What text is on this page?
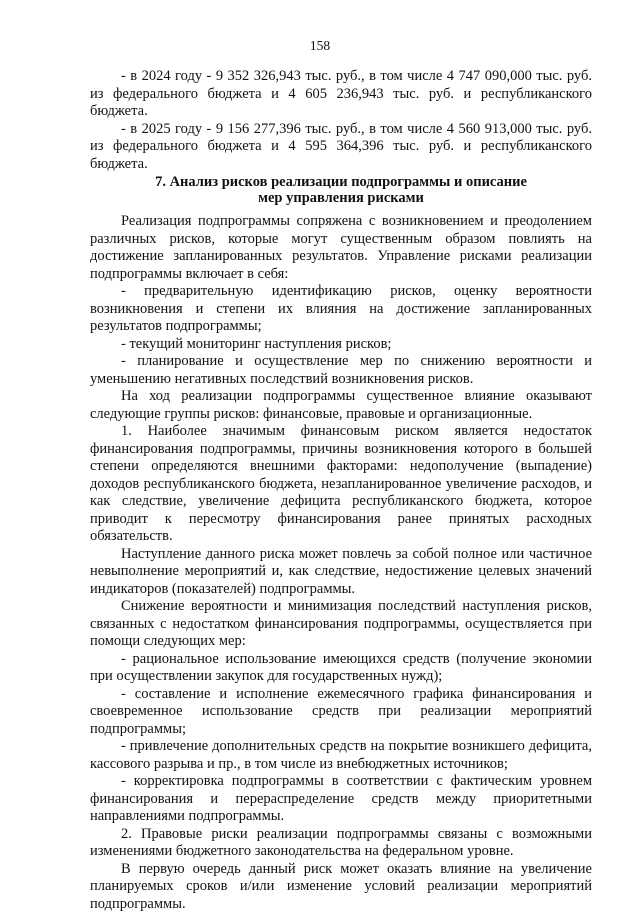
158

- в 2024 году - 9 352 326,943 тыс. руб., в том числе 4 747 090,000 тыс. руб. из федерального бюджета и 4 605 236,943 тыс. руб. и республиканского бюджета.

- в 2025 году - 9 156 277,396 тыс. руб., в том числе 4 560 913,000 тыс. руб. из федерального бюджета и 4 595 364,396 тыс. руб. и республиканского бюджета.

7. Анализ рисков реализации подпрограммы и описание
мер управления рисками

Реализация подпрограммы сопряжена с возникновением и преодолением различных рисков, которые могут существенным образом повлиять на достижение запланированных результатов. Управление рисками реализации подпрограммы включает в себя:

- предварительную идентификацию рисков, оценку вероятности возникновения и степени их влияния на достижение запланированных результатов подпрограммы;

- текущий мониторинг наступления рисков;

- планирование и осуществление мер по снижению вероятности и уменьшению негативных последствий возникновения рисков.

На ход реализации подпрограммы существенное влияние оказывают следующие группы рисков: финансовые, правовые и организационные.

1. Наиболее значимым финансовым риском является недостаток финансирования подпрограммы, причины возникновения которого в большей степени определяются внешними факторами: недополучение (выпадение) доходов республиканского бюджета, незапланированное увеличение расходов, и как следствие, увеличение дефицита республиканского бюджета, которое приводит к пересмотру финансирования ранее принятых расходных обязательств.

Наступление данного риска может повлечь за собой полное или частичное невыполнение мероприятий и, как следствие, недостижение целевых значений индикаторов (показателей) подпрограммы.

Снижение вероятности и минимизация последствий наступления рисков, связанных с недостатком финансирования подпрограммы, осуществляется при помощи следующих мер:

- рациональное использование имеющихся средств (получение экономии при осуществлении закупок для государственных нужд);

- составление и исполнение ежемесячного графика финансирования и своевременное использование средств при реализации мероприятий подпрограммы;

- привлечение дополнительных средств на покрытие возникшего дефицита, кассового разрыва и пр., в том числе из внебюджетных источников;

- корректировка подпрограммы в соответствии с фактическим уровнем финансирования и перераспределение средств между приоритетными направлениями подпрограммы.

2. Правовые риски реализации подпрограммы связаны с возможными изменениями бюджетного законодательства на федеральном уровне.

В первую очередь данный риск может оказать влияние на увеличение планируемых сроков и/или изменение условий реализации мероприятий подпрограммы.
